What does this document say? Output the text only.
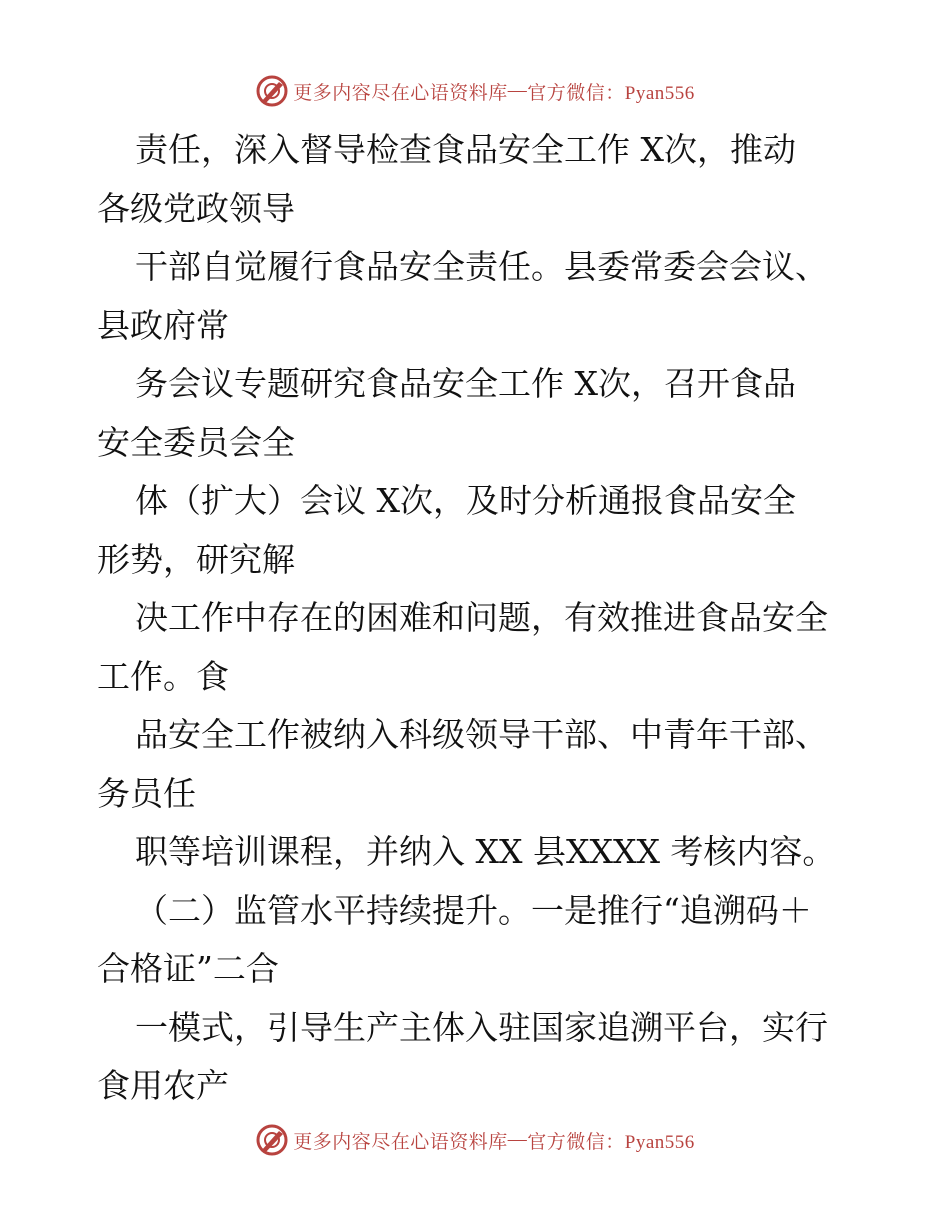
更多内容尽在心语资料库 — 官方微信：Pyan556
责任，深入督导检查食品安全工作 X次，推动
各级党政领导
干部自觉履行食品安全责任。县委常委会会议、
县政府常
务会议专题研究食品安全工作 X次，召开食品
安全委员会全
体（扩大）会议 X次，及时分析通报食品安全
形势，研究解
决工作中存在的困难和问题，有效推进食品安全
工作。食
品安全工作被纳入科级领导干部、中青年干部、
务员任
职等培训课程，并纳入 XX 县XXXX 考核内容。
（二）监管水平持续提升。一是推行“追溯码＋
合格证”二合
一模式，引导生产主体入驻国家追溯平台，实行
食用农产
更多内容尽在心语资料库 — 官方微信：Pyan556
